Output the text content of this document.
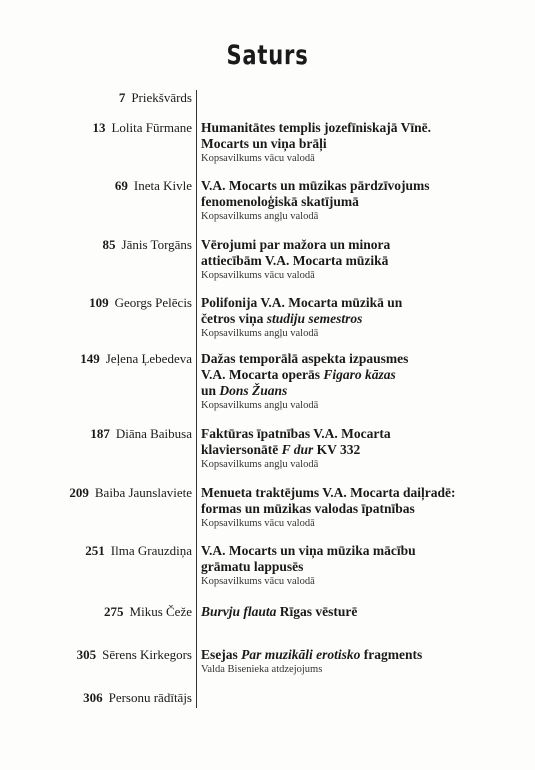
Saturs
7 Priekšvārds
13 Lolita Fūrmane Humanitātes templis jozefīniskajā Vīnē.
Mocarts un viņa brāļi
Kopsavilkums vācu valodā
69 Ineta Kivle V.A. Mocarts un mūzikas pārdzīvojums
fenomenoloģiskā skatījumā
Kopsavilkums angļu valodā
85 Jānis Torgāns Vērojumi par mažora un minora
attiecībām V.A. Mocarta mūzikā
Kopsavilkums vācu valodā
109 Georgs Pelēcis Polifonija V.A. Mocarta mūzikā un
četros viņa studiju semestros
Kopsavilkums angļu valodā
149 Jeļena Ļebedeva Dažas temporālā aspekta izpausmes
V.A. Mocarta operās Figaro kāzas
un Dons Žuans
Kopsavilkums angļu valodā
187 Diāna Baibusa Faktūras īpatnības V.A. Mocarta
klaviersonātē F dur KV 332
Kopsavilkums angļu valodā
209 Baiba Jaunslaviete Menueta traktējums V.A. Mocarta daiļradē:
formas un mūzikas valodas īpatnības
Kopsavilkums vācu valodā
251 Ilma Grauzdiņa V.A. Mocarts un viņa mūzika mācību
grāmatu lappusēs
Kopsavilkums vācu valodā
275 Mikus Čeže Burvju flauta Rīgas vēsturē
305 Sērens Kirkegors Esejas Par muzikāli erotisko fragments
Valda Bisenieka atdzejojums
306 Personu rādītājs
